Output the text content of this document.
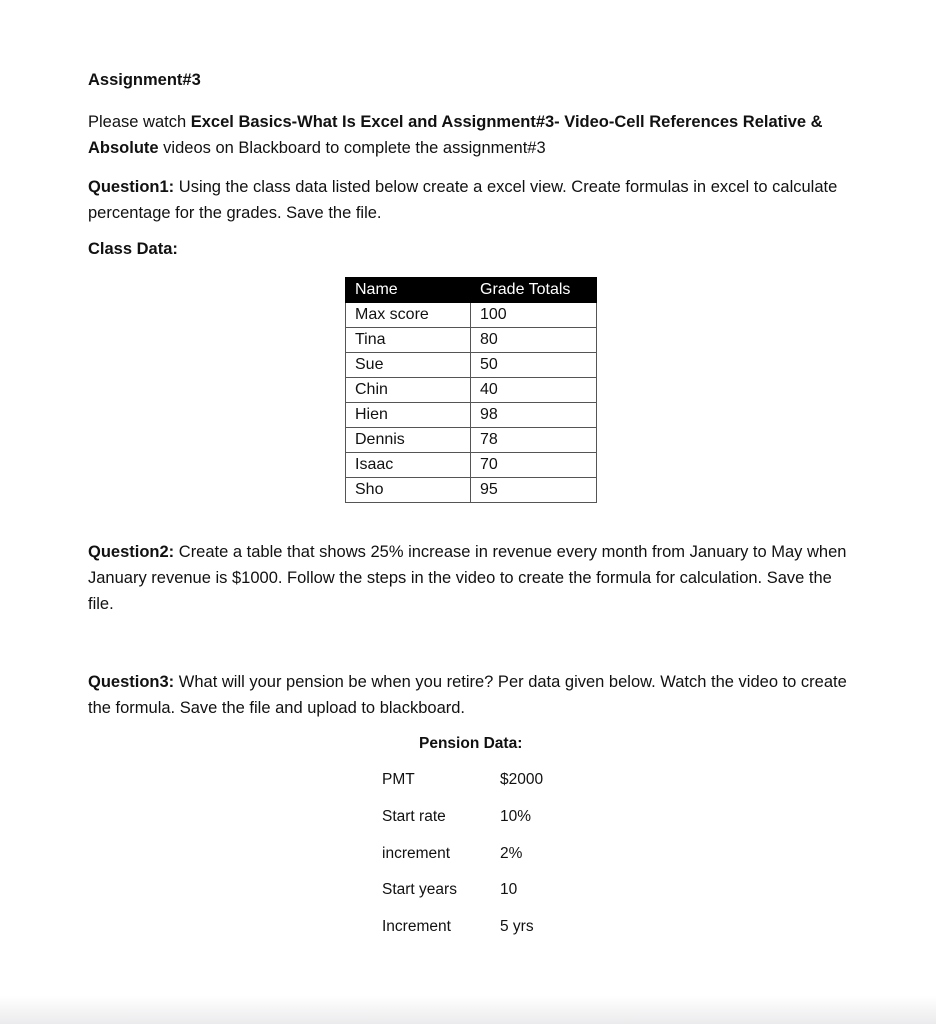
Assignment#3
Please watch Excel Basics-What Is Excel and Assignment#3- Video-Cell References Relative & Absolute videos on Blackboard to complete the assignment#3
Question1: Using the class data listed below create a excel view. Create formulas in excel to calculate percentage for the grades. Save the file.
Class Data:
Name	Grade Totals
Max score	100
Tina	80
Sue	50
Chin	40
Hien	98
Dennis	78
Isaac	70
Sho	95
Question2: Create a table that shows 25% increase in revenue every month from January to May when January revenue is $1000. Follow the steps in the video to create the formula for calculation. Save the file.
Question3: What will your pension be when you retire? Per data given below. Watch the video to create the formula. Save the file and upload to blackboard.
Pension Data:
PMT	$2000
Start rate	10%
increment	2%
Start years	10
Increment	5 yrs
